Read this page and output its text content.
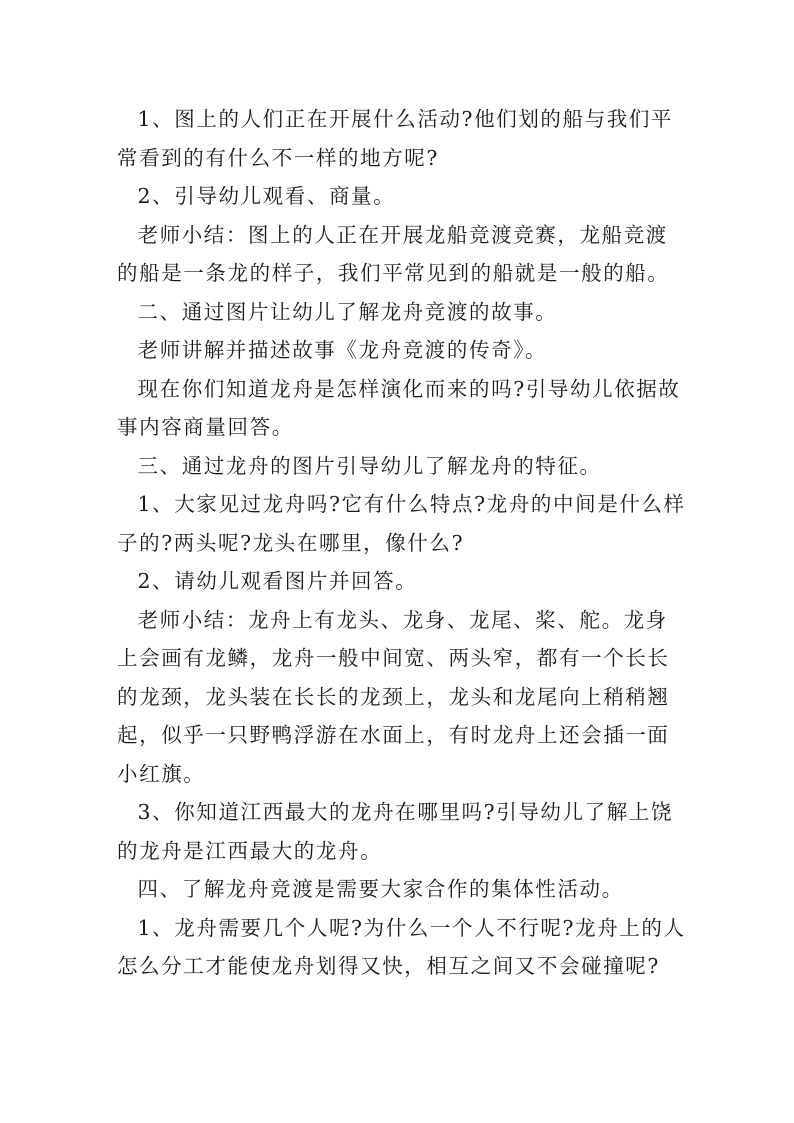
1、图上的人们正在开展什么活动?他们划的船与我们平常看到的有什么不一样的地方呢?

2、引导幼儿观看、商量。

老师小结：图上的人正在开展龙船竞渡竞赛，龙船竞渡的船是一条龙的样子，我们平常见到的船就是一般的船。

二、通过图片让幼儿了解龙舟竞渡的故事。

老师讲解并描述故事《龙舟竞渡的传奇》。

现在你们知道龙舟是怎样演化而来的吗?引导幼儿依据故事内容商量回答。

三、通过龙舟的图片引导幼儿了解龙舟的特征。

1、大家见过龙舟吗?它有什么特点?龙舟的中间是什么样子的?两头呢?龙头在哪里，像什么?

2、请幼儿观看图片并回答。

老师小结：龙舟上有龙头、龙身、龙尾、桨、舵。龙身上会画有龙鳞，龙舟一般中间宽、两头窄，都有一个长长的龙颈，龙头装在长长的龙颈上，龙头和龙尾向上稍稍翘起，似乎一只野鸭浮游在水面上，有时龙舟上还会插一面小红旗。

3、你知道江西最大的龙舟在哪里吗?引导幼儿了解上饶的龙舟是江西最大的龙舟。

四、了解龙舟竞渡是需要大家合作的集体性活动。

1、龙舟需要几个人呢?为什么一个人不行呢?龙舟上的人怎么分工才能使龙舟划得又快，相互之间又不会碰撞呢?
